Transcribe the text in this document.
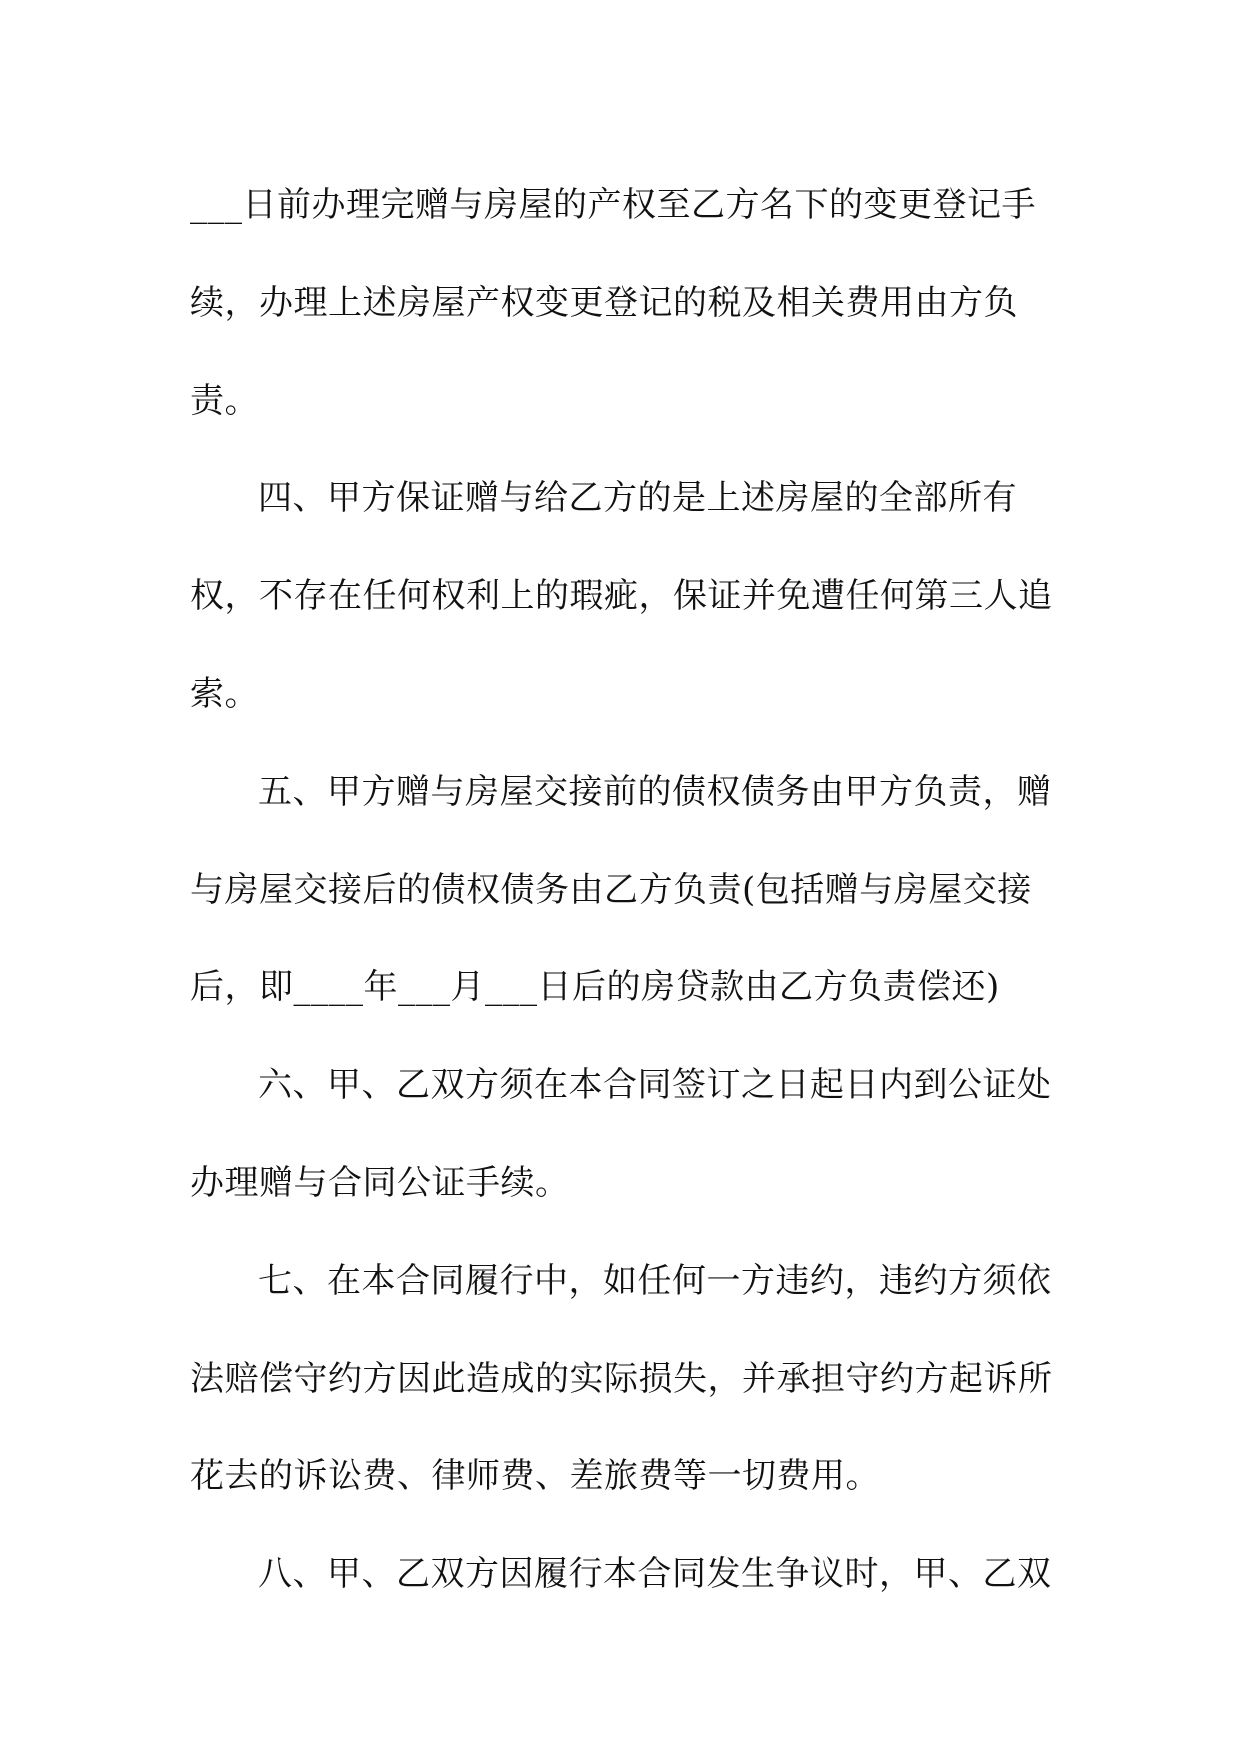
___日前办理完赠与房屋的产权至乙方名下的变更登记手
续，办理上述房屋产权变更登记的税及相关费用由方负
责。
四、甲方保证赠与给乙方的是上述房屋的全部所有
权，不存在任何权利上的瑕疵，保证并免遭任何第三人追
索。
五、甲方赠与房屋交接前的债权债务由甲方负责，赠
与房屋交接后的债权债务由乙方负责(包括赠与房屋交接
后，即____年___月___日后的房贷款由乙方负责偿还)
六、甲、乙双方须在本合同签订之日起日内到公证处
办理赠与合同公证手续。
七、在本合同履行中，如任何一方违约，违约方须依
法赔偿守约方因此造成的实际损失，并承担守约方起诉所
花去的诉讼费、律师费、差旅费等一切费用。
八、甲、乙双方因履行本合同发生争议时，甲、乙双
